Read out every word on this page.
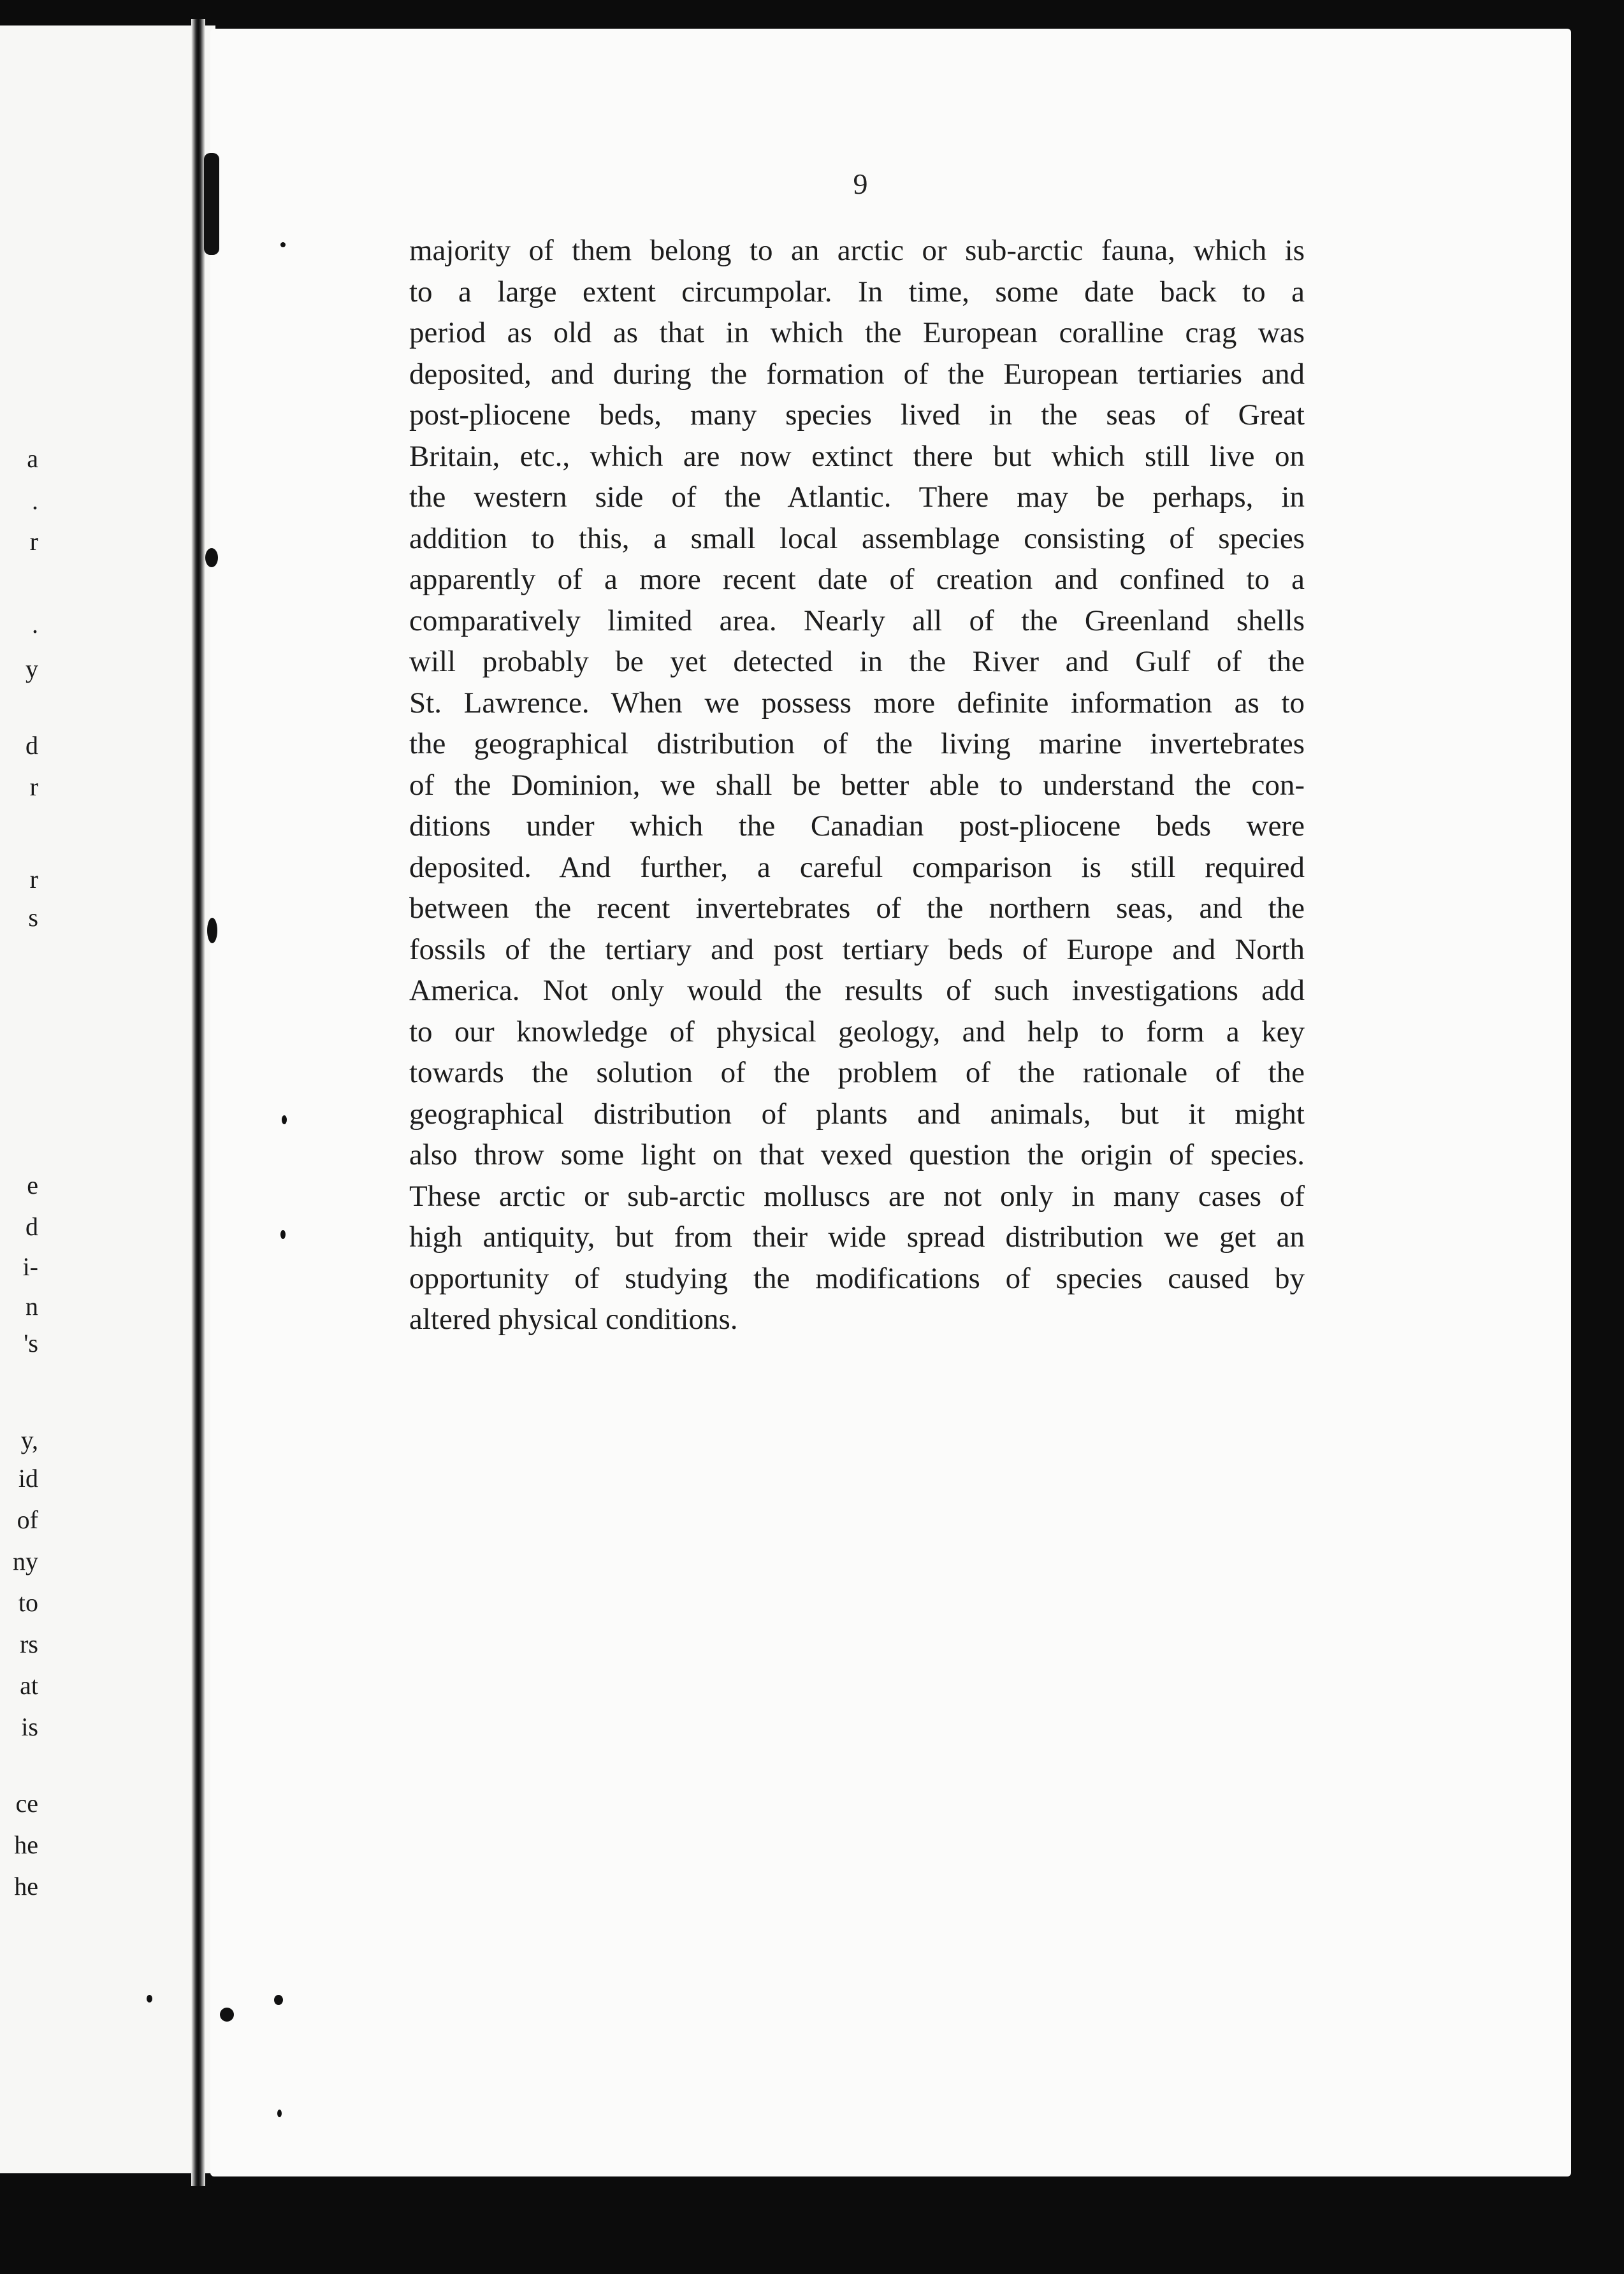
a
.
r
.
y
d
r
r
s
e
d
i-
n
's
y,
id
of
ny
to
rs
at
is
ce
he
he
9
majority of them belong to an arctic or sub-arctic fauna, which is
to a large extent circumpolar. In time, some date back to a
period as old as that in which the European coralline crag was
deposited, and during the formation of the European tertiaries and
post-pliocene beds, many species lived in the seas of Great
Britain, etc., which are now extinct there but which still live on
the western side of the Atlantic. There may be perhaps, in
addition to this, a small local assemblage consisting of species
apparently of a more recent date of creation and confined to a
comparatively limited area. Nearly all of the Greenland shells
will probably be yet detected in the River and Gulf of the
St. Lawrence. When we possess more definite information as to
the geographical distribution of the living marine invertebrates
of the Dominion, we shall be better able to understand the con-
ditions under which the Canadian post-pliocene beds were
deposited. And further, a careful comparison is still required
between the recent invertebrates of the northern seas, and the
fossils of the tertiary and post tertiary beds of Europe and North
America. Not only would the results of such investigations add
to our knowledge of physical geology, and help to form a key
towards the solution of the problem of the rationale of the
geographical distribution of plants and animals, but it might
also throw some light on that vexed question the origin of species.
These arctic or sub-arctic molluscs are not only in many cases of
high antiquity, but from their wide spread distribution we get an
opportunity of studying the modifications of species caused by
altered physical conditions.
